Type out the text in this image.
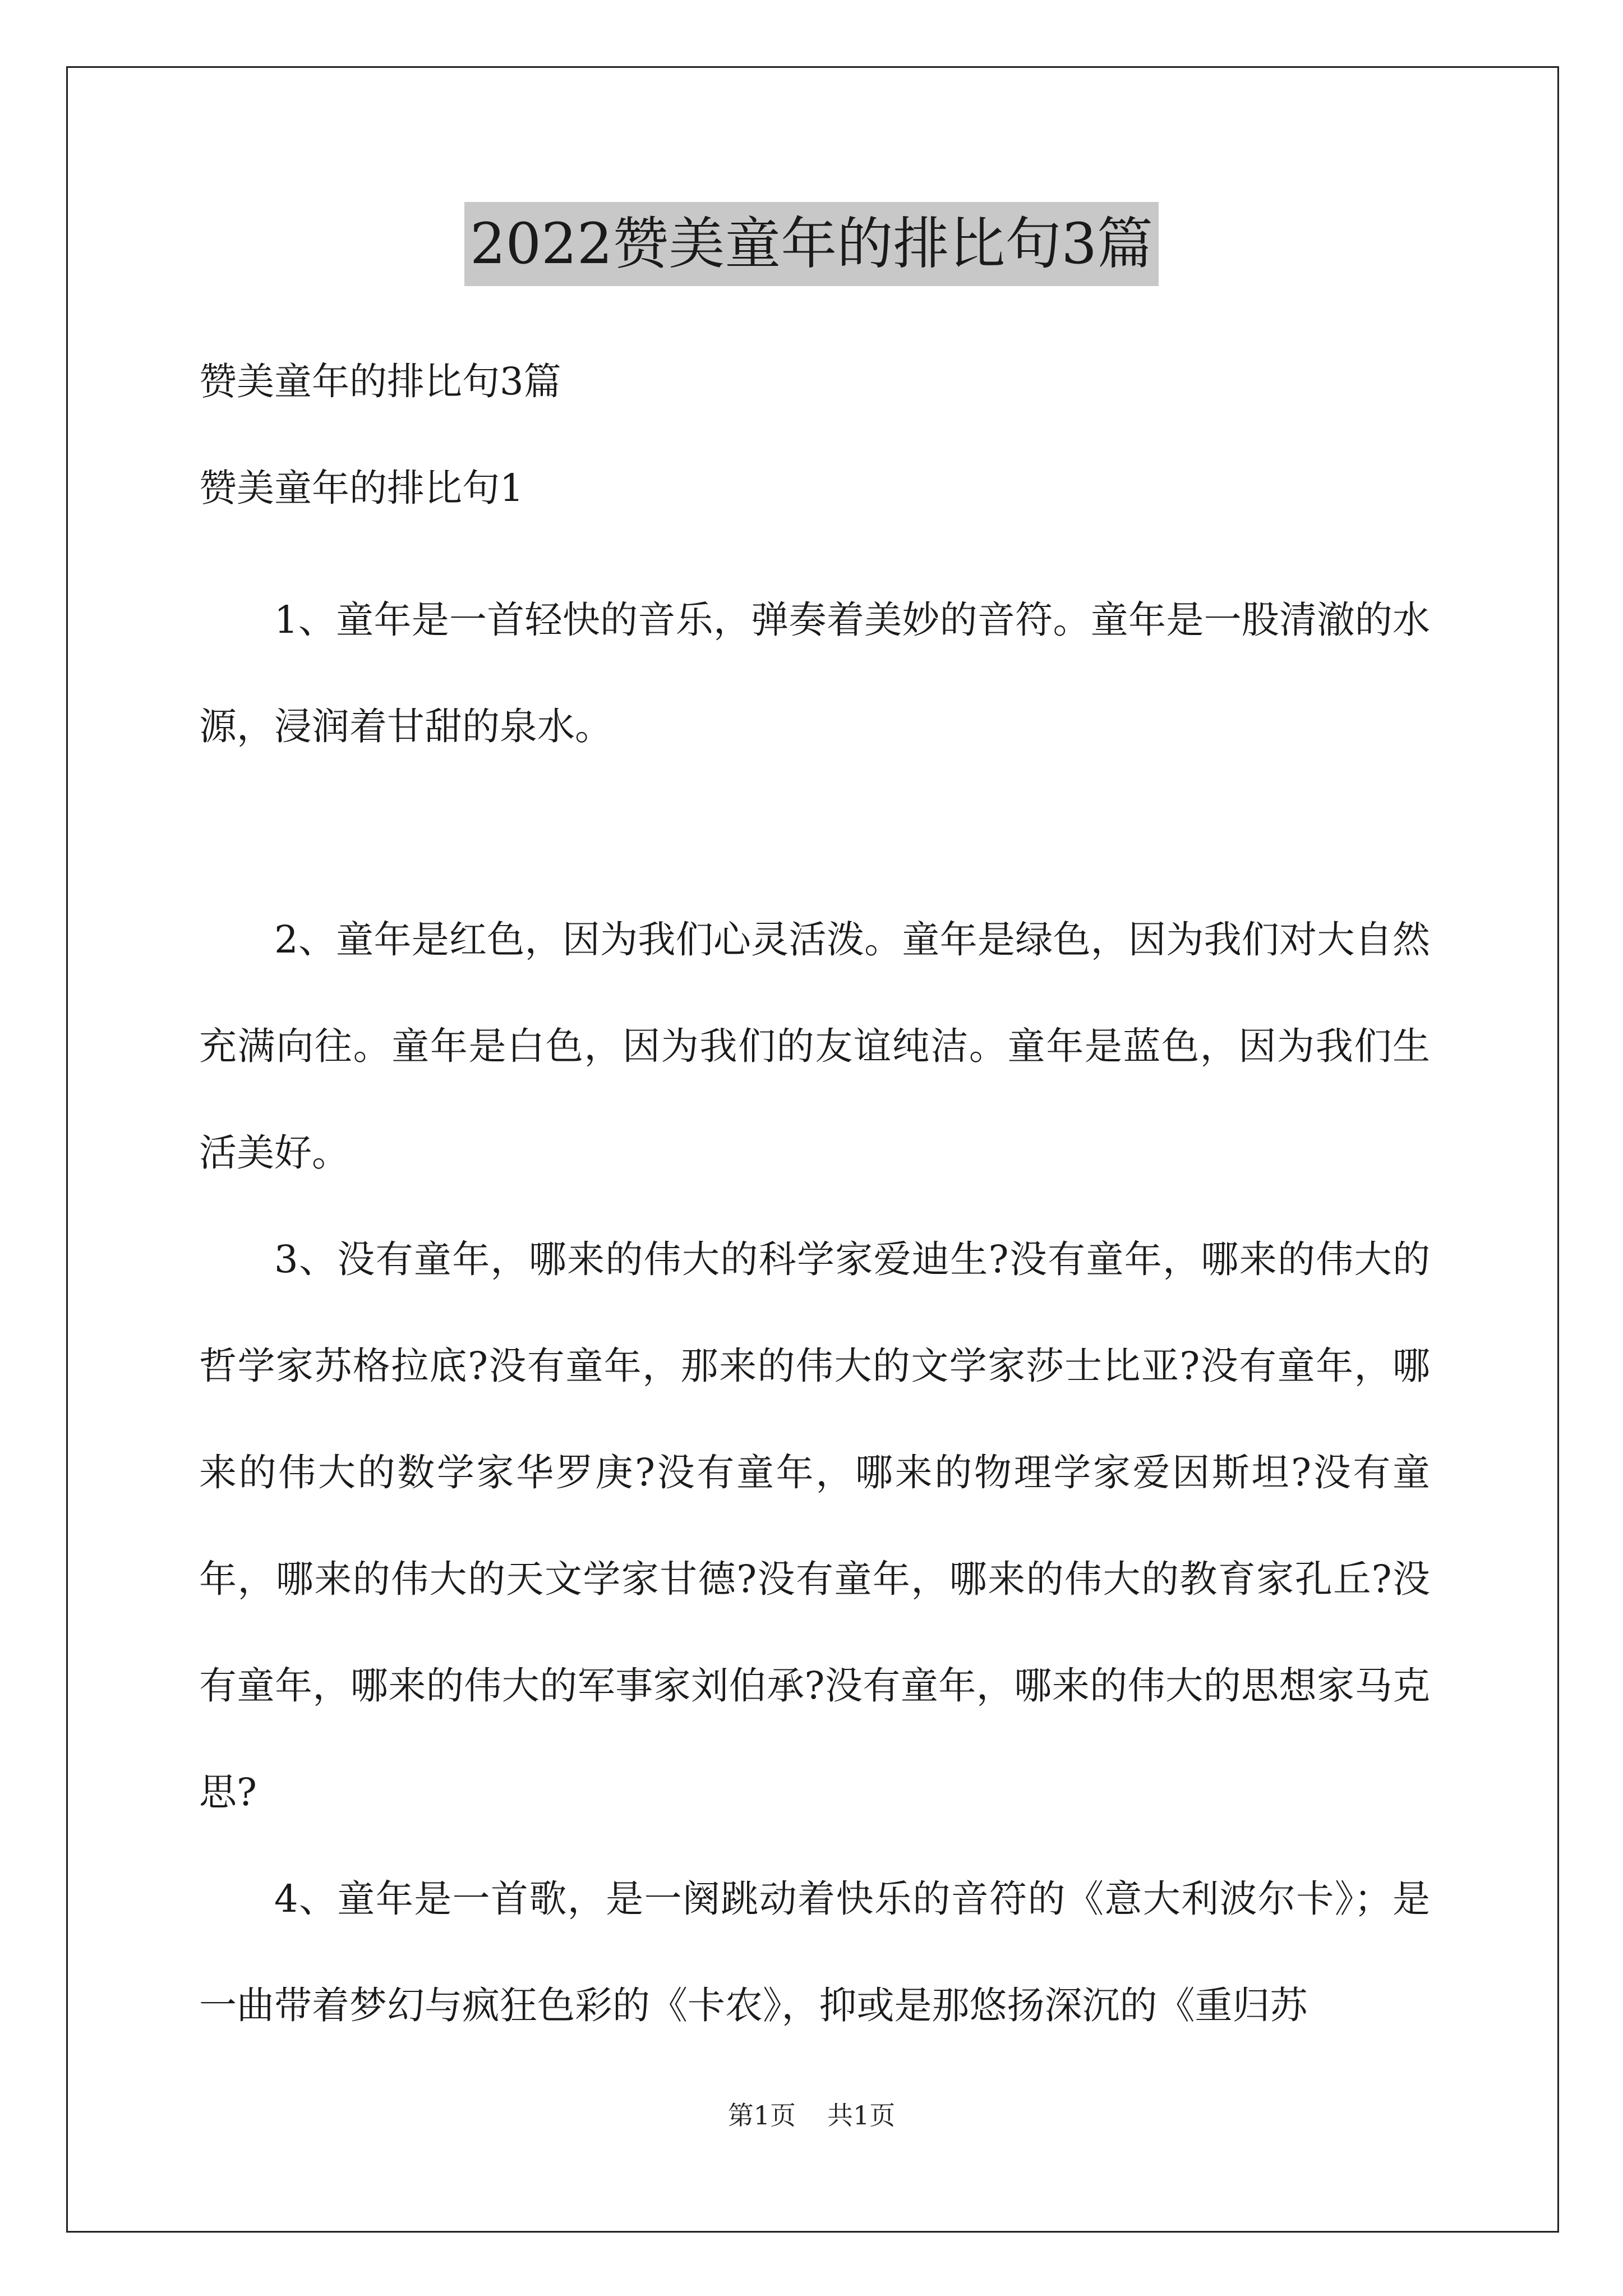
2022赞美童年的排比句3篇
赞美童年的排比句3篇
赞美童年的排比句1

1、童年是一首轻快的音乐，弹奏着美妙的音符。童年是一股清澈的水源，浸润着甘甜的泉水。

2、童年是红色，因为我们心灵活泼。童年是绿色，因为我们对大自然充满向往。童年是白色，因为我们的友谊纯洁。童年是蓝色，因为我们生活美好。

3、没有童年，哪来的伟大的科学家爱迪生?没有童年，哪来的伟大的哲学家苏格拉底?没有童年，那来的伟大的文学家莎士比亚?没有童年，哪来的伟大的数学家华罗庚?没有童年，哪来的物理学家爱因斯坦?没有童年，哪来的伟大的天文学家甘德?没有童年，哪来的伟大的教育家孔丘?没有童年，哪来的伟大的军事家刘伯承?没有童年，哪来的伟大的思想家马克思?

4、童年是一首歌，是一阕跳动着快乐的音符的《意大利波尔卡》；是一曲带着梦幻与疯狂色彩的《卡农》，抑或是那悠扬深沉的《重归苏

第1页 共1页
